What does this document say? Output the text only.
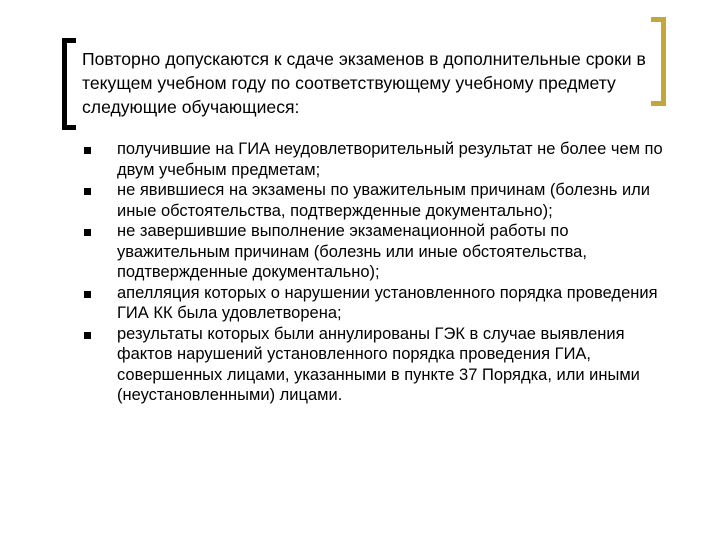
Повторно допускаются к сдаче экзаменов в дополнительные сроки в текущем учебном году по соответствующему учебному предмету следующие обучающиеся:
получившие на ГИА неудовлетворительный результат не более чем по двум учебным предметам;
не явившиеся на экзамены по уважительным причинам (болезнь или иные обстоятельства, подтвержденные документально);
не завершившие выполнение экзаменационной работы по уважительным причинам (болезнь или иные обстоятельства, подтвержденные документально);
апелляция которых о нарушении установленного порядка проведения ГИА КК была удовлетворена;
результаты которых были аннулированы ГЭК в случае выявления фактов нарушений установленного порядка проведения ГИА, совершенных лицами, указанными в пункте 37 Порядка, или иными (неустановленными) лицами.
